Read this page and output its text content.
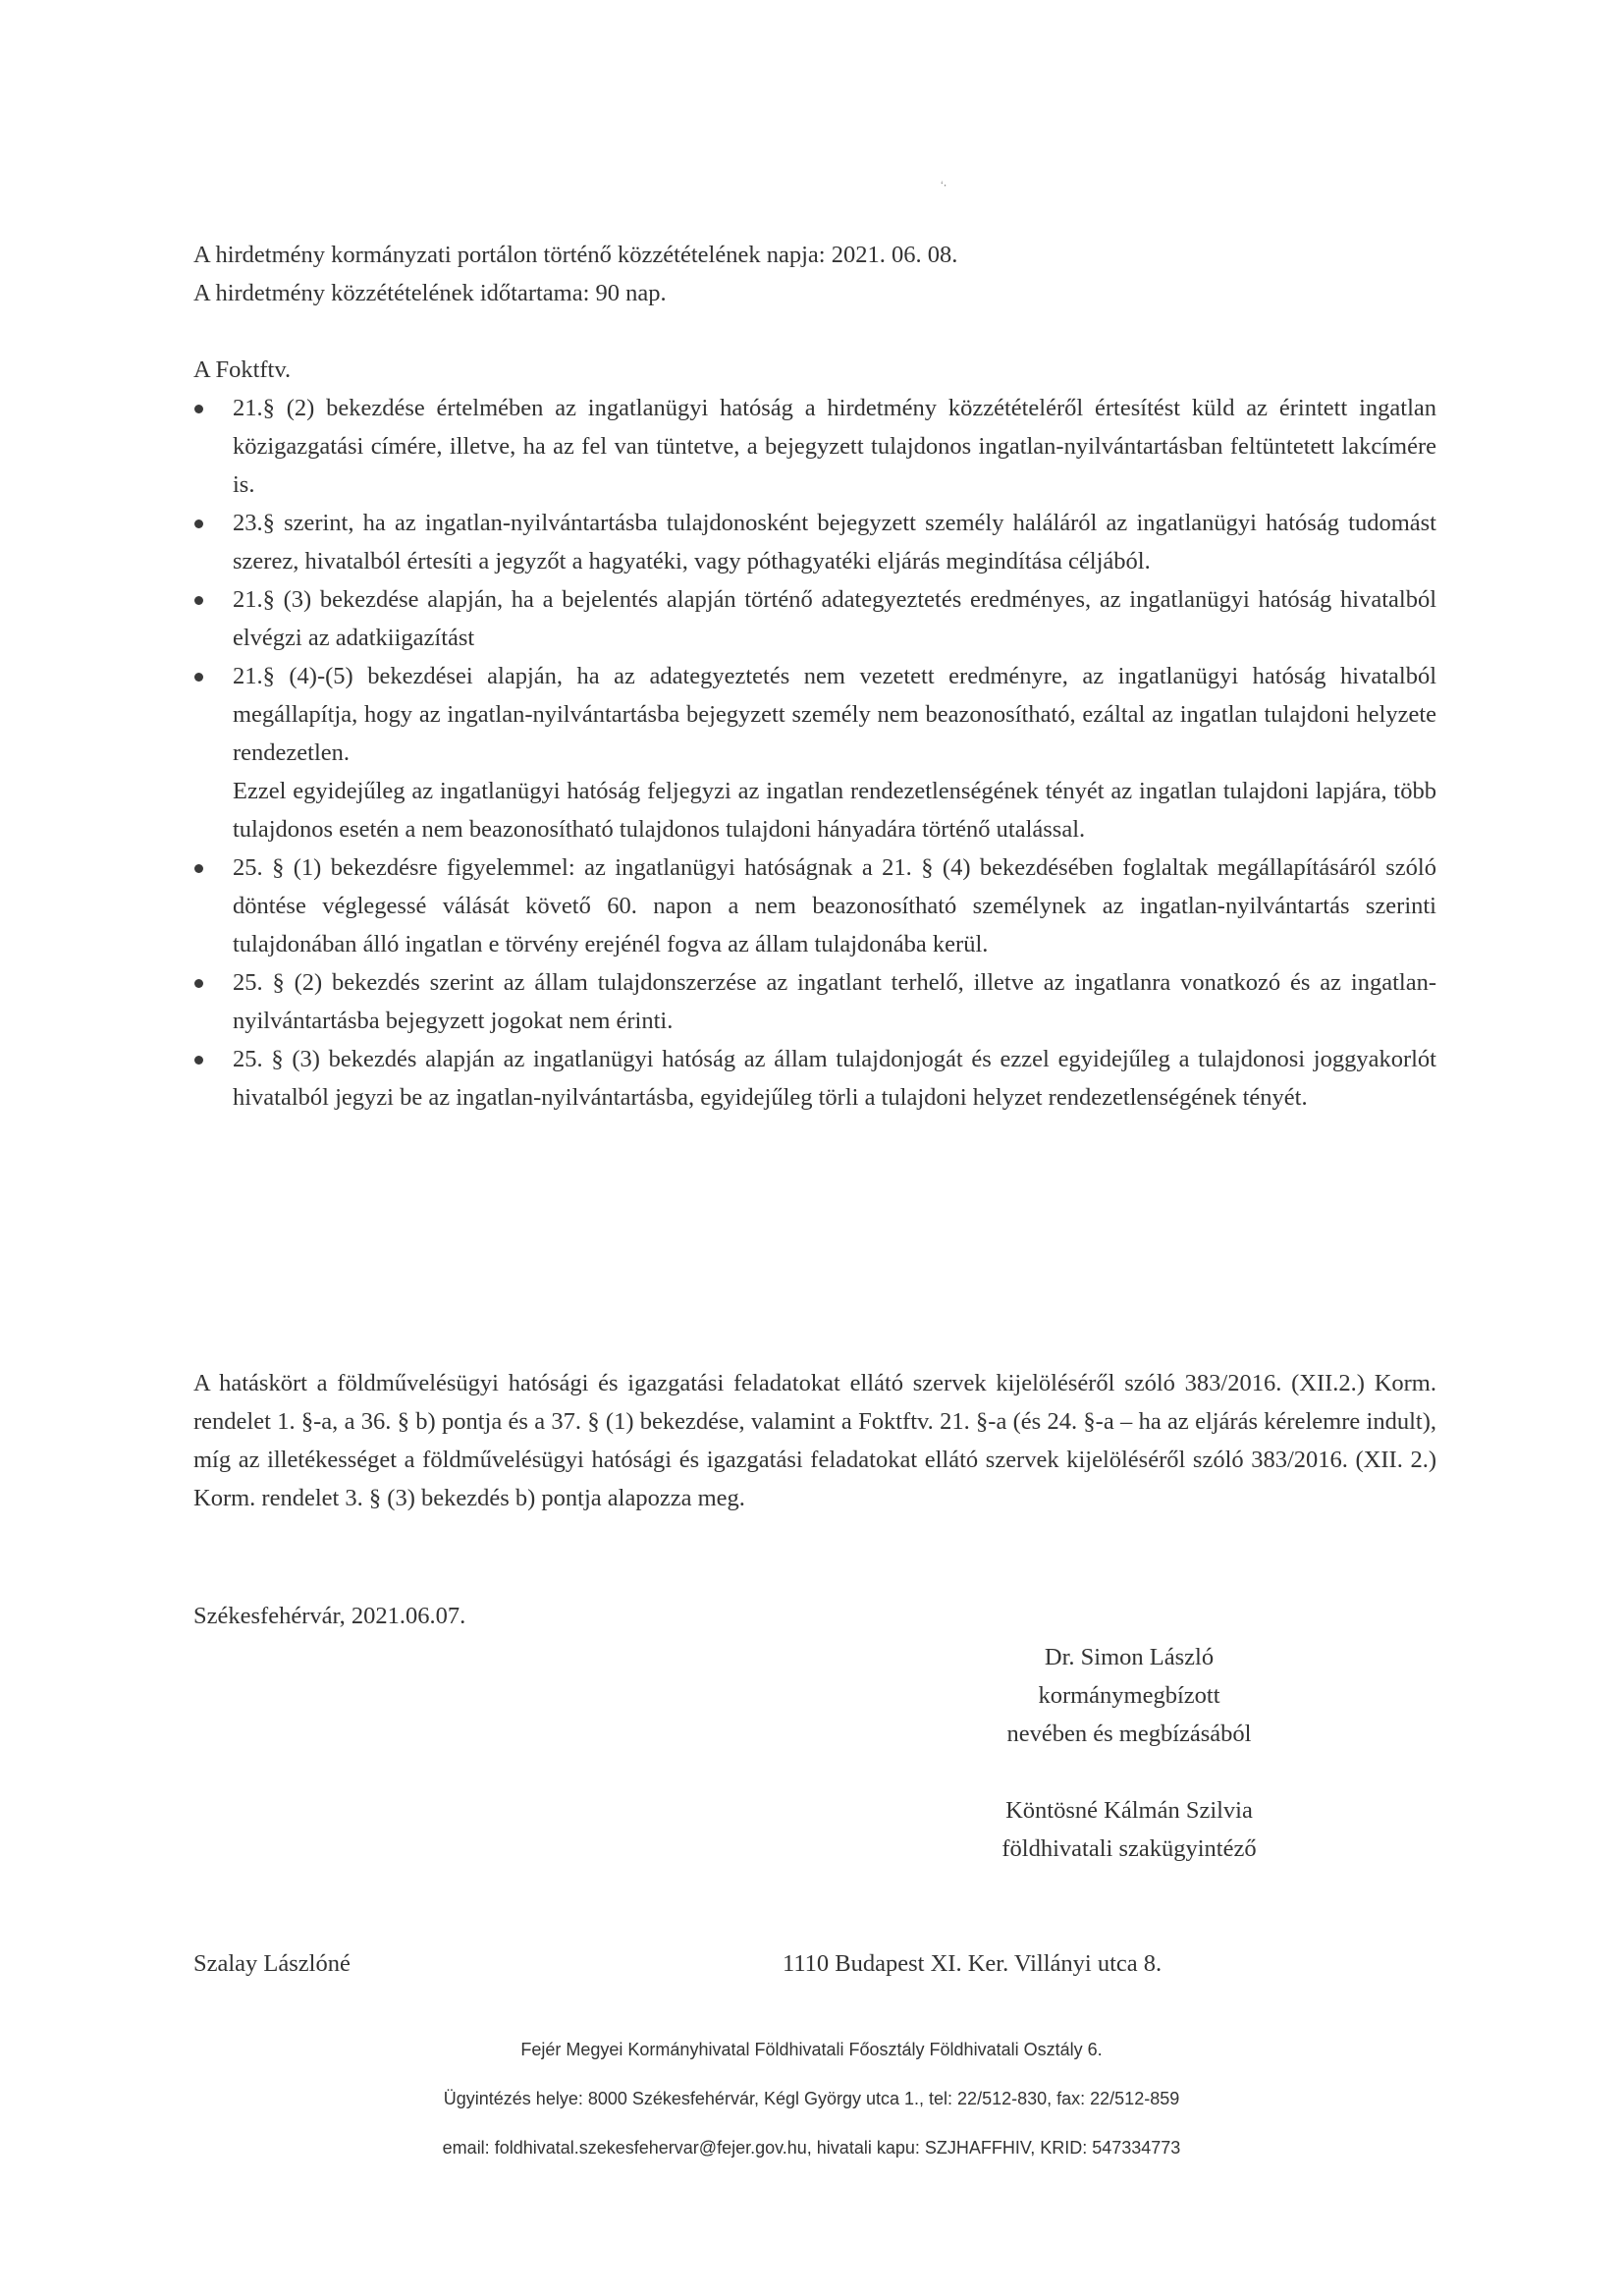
‘⋅
A hirdetmény kormányzati portálon történő közzétételének napja: 2021. 06. 08.
A hirdetmény közzétételének időtartama: 90 nap.
A Foktftv.

21.§ (2) bekezdése értelmében az ingatlanügyi hatóság a hirdetmény közzétételéről értesítést küld az érintett ingatlan közigazgatási címére, illetve, ha az fel van tüntetve, a bejegyzett tulajdonos ingatlan-nyilvántartásban feltüntetett lakcímére is.

23.§ szerint, ha az ingatlan-nyilvántartásba tulajdonosként bejegyzett személy haláláról az ingatlanügyi hatóság tudomást szerez, hivatalból értesíti a jegyzőt a hagyatéki, vagy póthagyatéki eljárás megindítása céljából.

21.§ (3) bekezdése alapján, ha a bejelentés alapján történő adategyeztetés eredményes, az ingatlanügyi hatóság hivatalból elvégzi az adatkiigazítást

21.§ (4)-(5) bekezdései alapján, ha az adategyeztetés nem vezetett eredményre, az ingatlanügyi hatóság hivatalból megállapítja, hogy az ingatlan-nyilvántartásba bejegyzett személy nem beazonosítható, ezáltal az ingatlan tulajdoni helyzete rendezetlen.

Ezzel egyidejűleg az ingatlanügyi hatóság feljegyzi az ingatlan rendezetlenségének tényét az ingatlan tulajdoni lapjára, több tulajdonos esetén a nem beazonosítható tulajdonos tulajdoni hányadára történő utalással.

25. § (1) bekezdésre figyelemmel: az ingatlanügyi hatóságnak a 21. § (4) bekezdésében foglaltak megállapításáról szóló döntése véglegessé válását követő 60. napon a nem beazonosítható személynek az ingatlan-nyilvántartás szerinti tulajdonában álló ingatlan e törvény erejénél fogva az állam tulajdonába kerül.

25. § (2) bekezdés szerint az állam tulajdonszerzése az ingatlant terhelő, illetve az ingatlanra vonatkozó és az ingatlan-nyilvántartásba bejegyzett jogokat nem érinti.

25. § (3) bekezdés alapján az ingatlanügyi hatóság az állam tulajdonjogát és ezzel egyidejűleg a tulajdonosi joggyakorlót hivatalból jegyzi be az ingatlan-nyilvántartásba, egyidejűleg törli a tulajdoni helyzet rendezetlenségének tényét.

A hatáskört a földművelésügyi hatósági és igazgatási feladatokat ellátó szervek kijelöléséről szóló 383/2016. (XII.2.) Korm. rendelet 1. §-a, a 36. § b) pontja és a 37. § (1) bekezdése, valamint a Foktftv. 21. §-a (és 24. §-a – ha az eljárás kérelemre indult), míg az illetékességet a földművelésügyi hatósági és igazgatási feladatokat ellátó szervek kijelöléséről szóló 383/2016. (XII. 2.) Korm. rendelet 3. § (3) bekezdés b) pontja alapozza meg.

Székesfehérvár, 2021.06.07.
Dr. Simon László
kormánymegbízott
nevében és megbízásából
Köntösné Kálmán Szilvia
földhivatali szakügyintéző
Szalay Lászlóné	1110 Budapest XI. Ker. Villányi utca 8.
Fejér Megyei Kormányhivatal Földhivatali Főosztály Földhivatali Osztály 6.
Ügyintézés helye: 8000 Székesfehérvár, Kégl György utca 1., tel: 22/512-830, fax: 22/512-859
email: foldhivatal.szekesfehervar@fejer.gov.hu, hivatali kapu: SZJHAFFHIV, KRID: 547334773
